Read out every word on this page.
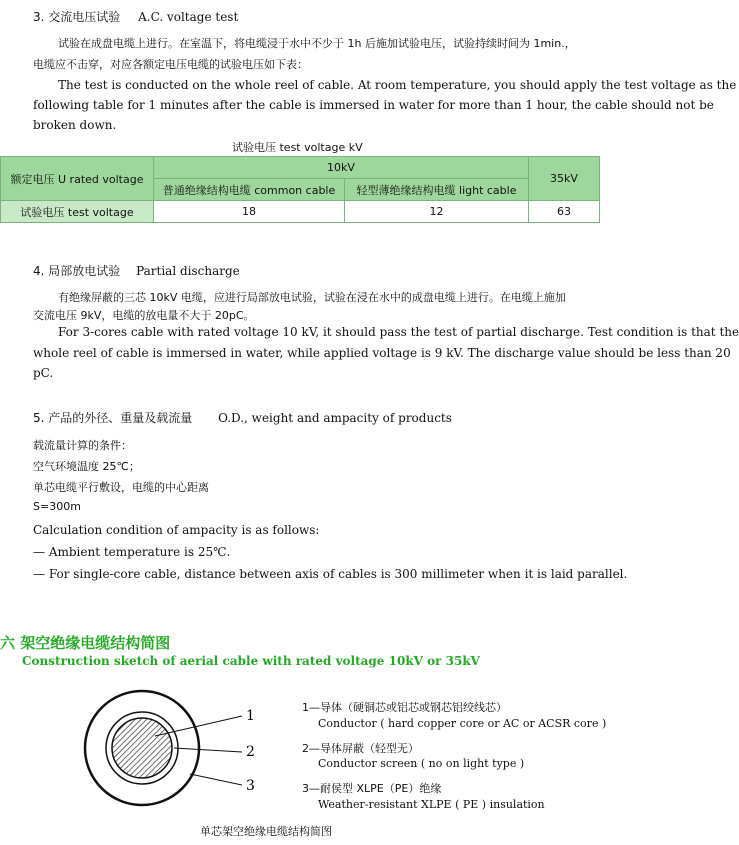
3. 交流电压试验 A.C. voltage test
试验在成盘电缆上进行。在室温下，将电缆浸于水中不少于 1h 后施加试验电压，试验持续时间为 1min.，
电缆应不击穿，对应各额定电压电缆的试验电压如下表：
The test is conducted on the whole reel of cable. At room temperature, you should apply the test voltage as the
following table for 1 minutes after the cable is immersed in water for more than 1 hour, the cable should not be
broken down.
试验电压 test voltage kV
额定电压 U rated voltage	10kV		35kV
	普通绝缘结构电缆 common cable	轻型薄绝缘结构电缆 light cable	
试验电压 test voltage	18	12	63
4. 局部放电试验 Partial discharge
有绝缘屏蔽的三芯 10kV 电缆，应进行局部放电试验，试验在浸在水中的成盘电缆上进行。在电缆上施加
交流电压 9kV，电缆的放电量不大于 20pC。
For 3-cores cable with rated voltage 10 kV, it should pass the test of partial discharge. Test condition is that the
whole reel of cable is immersed in water, while applied voltage is 9 kV. The discharge value should be less than 20
pC.
5. 产品的外径、重量及载流量 O.D., weight and ampacity of products
载流量计算的条件：
空气环境温度 25℃；
单芯电缆平行敷设，电缆的中心距离
S=300m
Calculation condition of ampacity is as follows:
— Ambient temperature is 25℃.
— For single-core cable, distance between axis of cables is 300 millimeter when it is laid parallel.
六 架空绝缘电缆结构简图
Construction sketch of aerial cable with rated voltage 10kV or 35kV
1
2
3
1—导体（硬铜芯或铝芯或钢芯铝绞线芯）
Conductor ( hard copper core or AC or ACSR core )
2—导体屏蔽（轻型无）
Conductor screen ( no on light type )
3—耐侯型 XLPE（PE）绝缘
Weather-resistant XLPE ( PE ) insulation
单芯架空绝缘电缆结构简图
